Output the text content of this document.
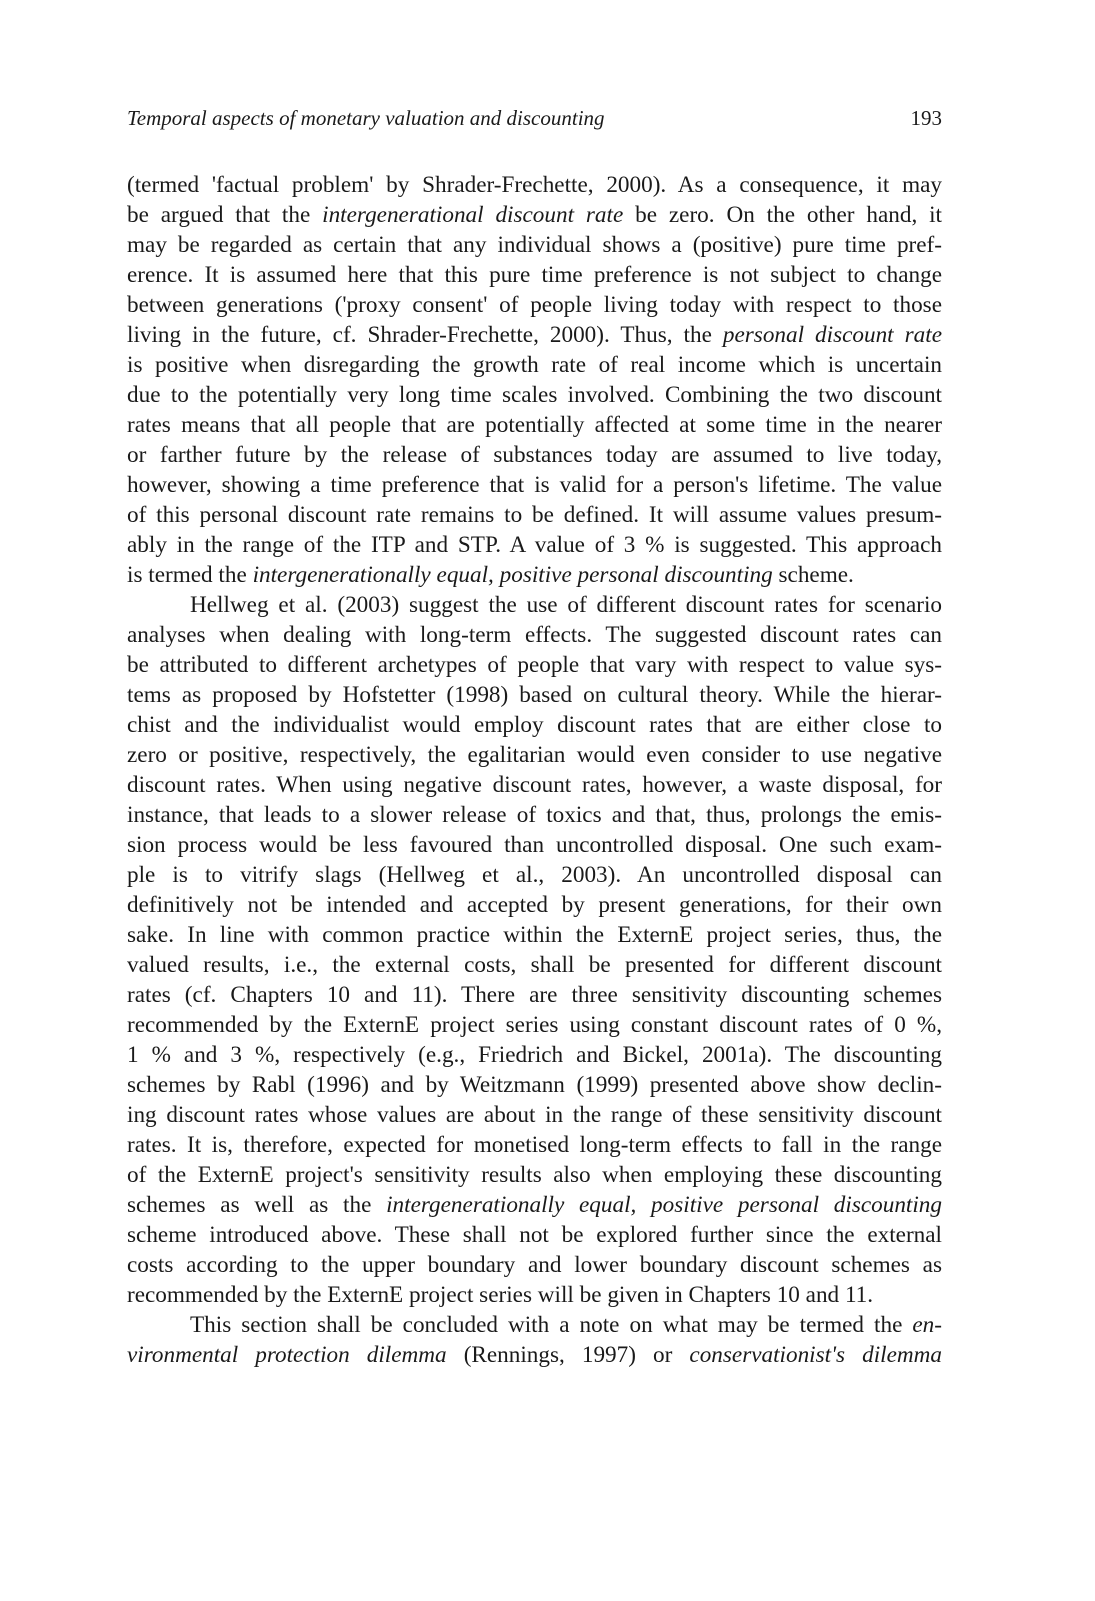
Temporal aspects of monetary valuation and discounting	193
(termed 'factual problem' by Shrader-Frechette, 2000). As a consequence, it may
be argued that the intergenerational discount rate be zero. On the other hand, it
may be regarded as certain that any individual shows a (positive) pure time pref-
erence. It is assumed here that this pure time preference is not subject to change
between generations ('proxy consent' of people living today with respect to those
living in the future, cf. Shrader-Frechette, 2000). Thus, the personal discount rate
is positive when disregarding the growth rate of real income which is uncertain
due to the potentially very long time scales involved. Combining the two discount
rates means that all people that are potentially affected at some time in the nearer
or farther future by the release of substances today are assumed to live today,
however, showing a time preference that is valid for a person's lifetime. The value
of this personal discount rate remains to be defined. It will assume values presum-
ably in the range of the ITP and STP. A value of 3 % is suggested. This approach
is termed the intergenerationally equal, positive personal discounting scheme.
Hellweg et al. (2003) suggest the use of different discount rates for scenario
analyses when dealing with long-term effects. The suggested discount rates can
be attributed to different archetypes of people that vary with respect to value sys-
tems as proposed by Hofstetter (1998) based on cultural theory. While the hierar-
chist and the individualist would employ discount rates that are either close to
zero or positive, respectively, the egalitarian would even consider to use negative
discount rates. When using negative discount rates, however, a waste disposal, for
instance, that leads to a slower release of toxics and that, thus, prolongs the emis-
sion process would be less favoured than uncontrolled disposal. One such exam-
ple is to vitrify slags (Hellweg et al., 2003). An uncontrolled disposal can
definitively not be intended and accepted by present generations, for their own
sake. In line with common practice within the ExternE project series, thus, the
valued results, i.e., the external costs, shall be presented for different discount
rates (cf. Chapters 10 and 11). There are three sensitivity discounting schemes
recommended by the ExternE project series using constant discount rates of 0 %,
1 % and 3 %, respectively (e.g., Friedrich and Bickel, 2001a). The discounting
schemes by Rabl (1996) and by Weitzmann (1999) presented above show declin-
ing discount rates whose values are about in the range of these sensitivity discount
rates. It is, therefore, expected for monetised long-term effects to fall in the range
of the ExternE project's sensitivity results also when employing these discounting
schemes as well as the intergenerationally equal, positive personal discounting
scheme introduced above. These shall not be explored further since the external
costs according to the upper boundary and lower boundary discount schemes as
recommended by the ExternE project series will be given in Chapters 10 and 11.
This section shall be concluded with a note on what may be termed the en-
vironmental protection dilemma (Rennings, 1997) or conservationist's dilemma
